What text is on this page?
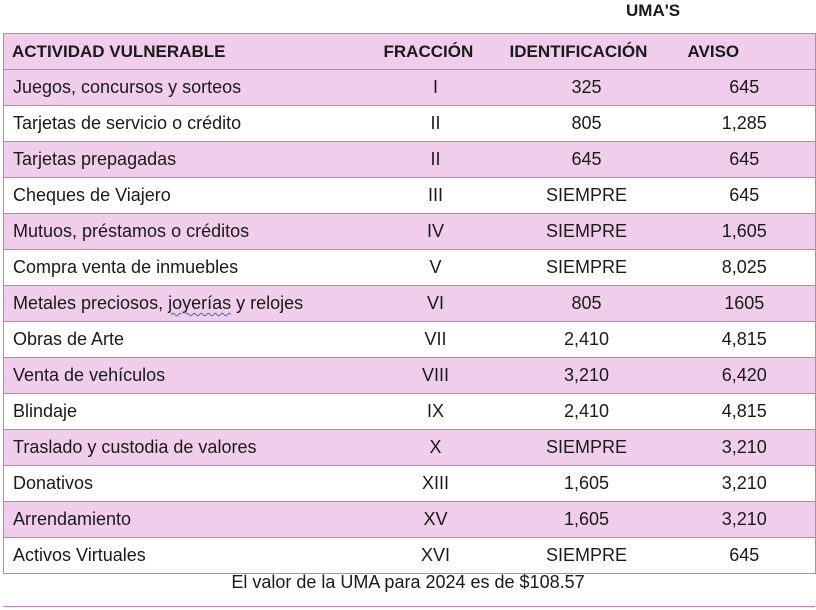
UMA'S
ACTIVIDAD VULNERABLE	FRACCIÓN	IDENTIFICACIÓN	AVISO
Juegos, concursos y sorteos	I	325	645
Tarjetas de servicio o crédito	II	805	1,285
Tarjetas prepagadas	II	645	645
Cheques de Viajero	III	SIEMPRE	645
Mutuos, préstamos o créditos	IV	SIEMPRE	1,605
Compra venta de inmuebles	V	SIEMPRE	8,025
Metales preciosos, joyerías y relojes	VI	805	1605
Obras de Arte	VII	2,410	4,815
Venta de vehículos	VIII	3,210	6,420
Blindaje	IX	2,410	4,815
Traslado y custodia de valores	X	SIEMPRE	3,210
Donativos	XIII	1,605	3,210
Arrendamiento	XV	1,605	3,210
Activos Virtuales	XVI	SIEMPRE	645
El valor de la UMA para 2024 es de $108.57
